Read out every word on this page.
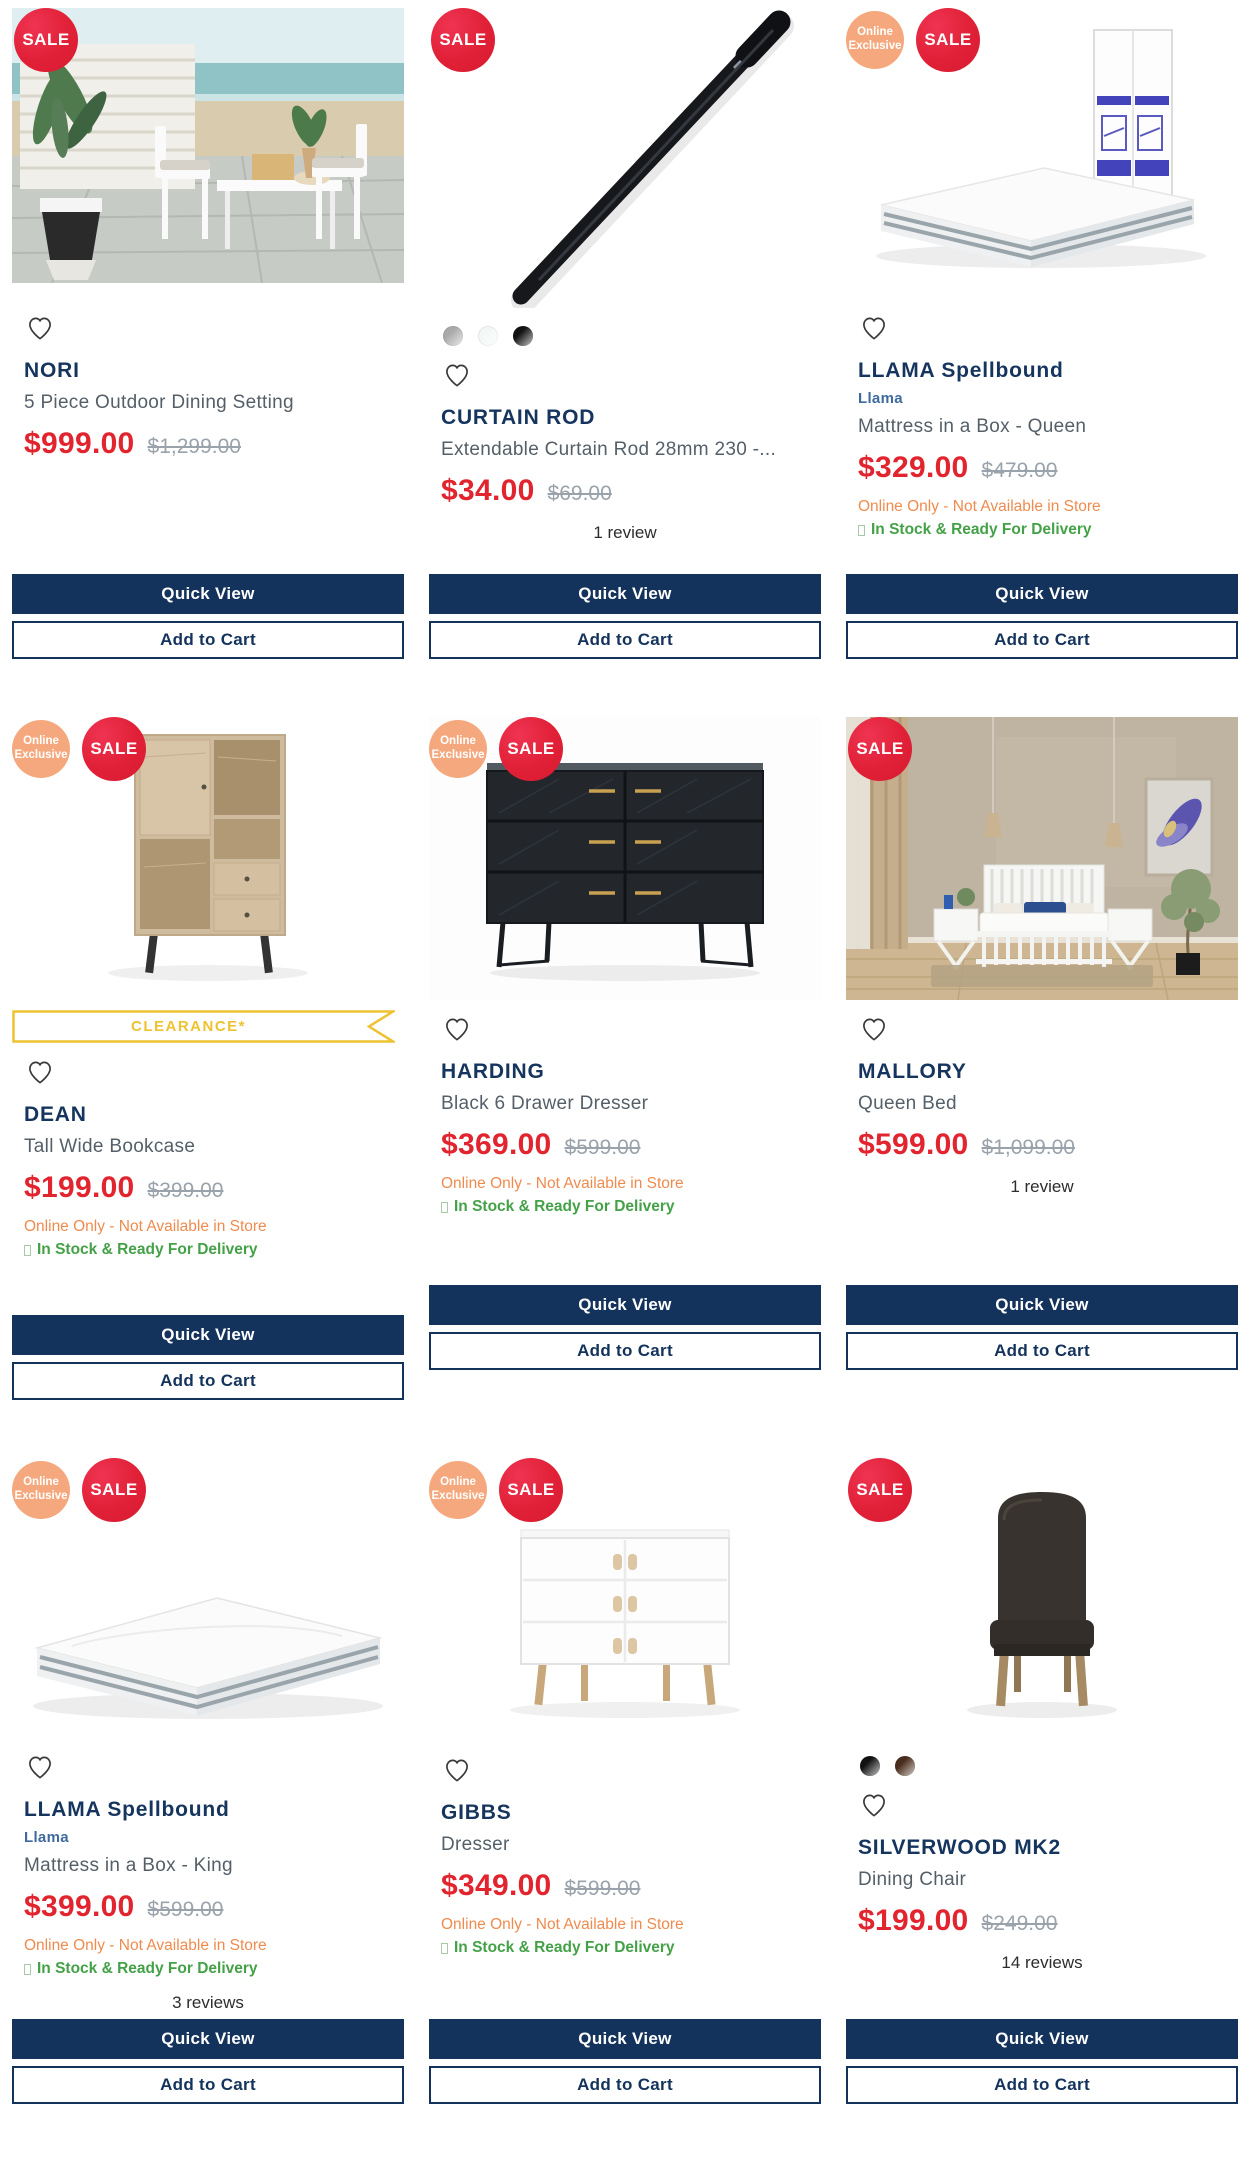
SALE
NORI

5 Piece Outdoor Dining Setting

$999.00 $1,299.00
Quick View
Add to Cart
SALE
CURTAIN ROD

Extendable Curtain Rod 28mm 230 -...

$34.00 $69.00
1 review
Quick View
Add to Cart
Online Exclusive SALE
LLAMA Spellbound
Llama

Mattress in a Box - Queen

$329.00 $479.00
Online Only - Not Available in Store
In Stock & Ready For Delivery
Quick View
Add to Cart
Online Exclusive SALE
CLEARANCE*
DEAN

Tall Wide Bookcase

$199.00 $399.00
Online Only - Not Available in Store
In Stock & Ready For Delivery
Quick View
Add to Cart
Online Exclusive SALE
HARDING

Black 6 Drawer Dresser

$369.00 $599.00
Online Only - Not Available in Store
In Stock & Ready For Delivery
Quick View
Add to Cart
SALE
MALLORY

Queen Bed

$599.00 $1,099.00
1 review
Quick View
Add to Cart
Online Exclusive SALE
LLAMA Spellbound
Llama

Mattress in a Box - King

$399.00 $599.00
Online Only - Not Available in Store
In Stock & Ready For Delivery
3 reviews
Quick View
Add to Cart
Online Exclusive SALE
GIBBS

Dresser

$349.00 $599.00
Online Only - Not Available in Store
In Stock & Ready For Delivery
Quick View
Add to Cart
SALE
SILVERWOOD MK2

Dining Chair

$199.00 $249.00
14 reviews
Quick View
Add to Cart
